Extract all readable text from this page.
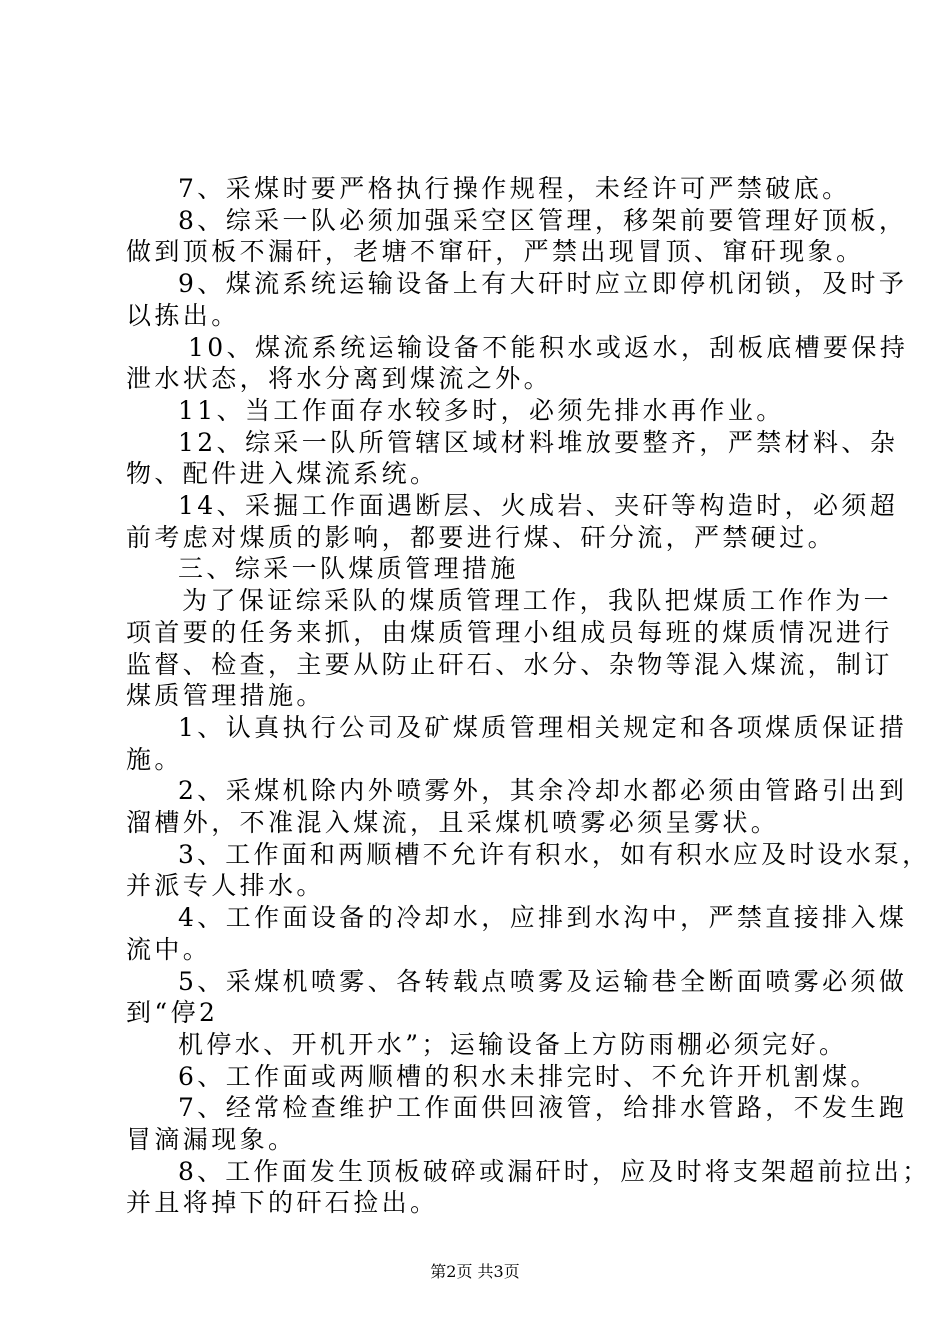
7、采煤时要严格执行操作规程，未经许可严禁破底。

8、综采一队必须加强采空区管理，移架前要管理好顶板，

做到顶板不漏矸，老塘不窜矸，严禁出现冒顶、窜矸现象。

9、煤流系统运输设备上有大矸时应立即停机闭锁，及时予

以拣出。

10、煤流系统运输设备不能积水或返水，刮板底槽要保持

泄水状态，将水分离到煤流之外。

11、当工作面存水较多时，必须先排水再作业。

12、综采一队所管辖区域材料堆放要整齐，严禁材料、杂

物、配件进入煤流系统。

14、采掘工作面遇断层、火成岩、夹矸等构造时，必须超

前考虑对煤质的影响，都要进行煤、矸分流，严禁硬过。

三、综采一队煤质管理措施

为了保证综采队的煤质管理工作，我队把煤质工作作为一

项首要的任务来抓，由煤质管理小组成员每班的煤质情况进行

监督、检查，主要从防止矸石、水分、杂物等混入煤流，制订

煤质管理措施。

1、认真执行公司及矿煤质管理相关规定和各项煤质保证措

施。

2、采煤机除内外喷雾外，其余冷却水都必须由管路引出到

溜槽外，不准混入煤流，且采煤机喷雾必须呈雾状。

3、工作面和两顺槽不允许有积水，如有积水应及时设水泵，

并派专人排水。

4、工作面设备的冷却水，应排到水沟中，严禁直接排入煤

流中。

5、采煤机喷雾、各转载点喷雾及运输巷全断面喷雾必须做

到“停2

机停水、开机开水”；运输设备上方防雨棚必须完好。

6、工作面或两顺槽的积水未排完时、不允许开机割煤。

7、经常检查维护工作面供回液管，给排水管路，不发生跑

冒滴漏现象。

8、工作面发生顶板破碎或漏矸时，应及时将支架超前拉出；

并且将掉下的矸石捡出。

第2页 共3页
